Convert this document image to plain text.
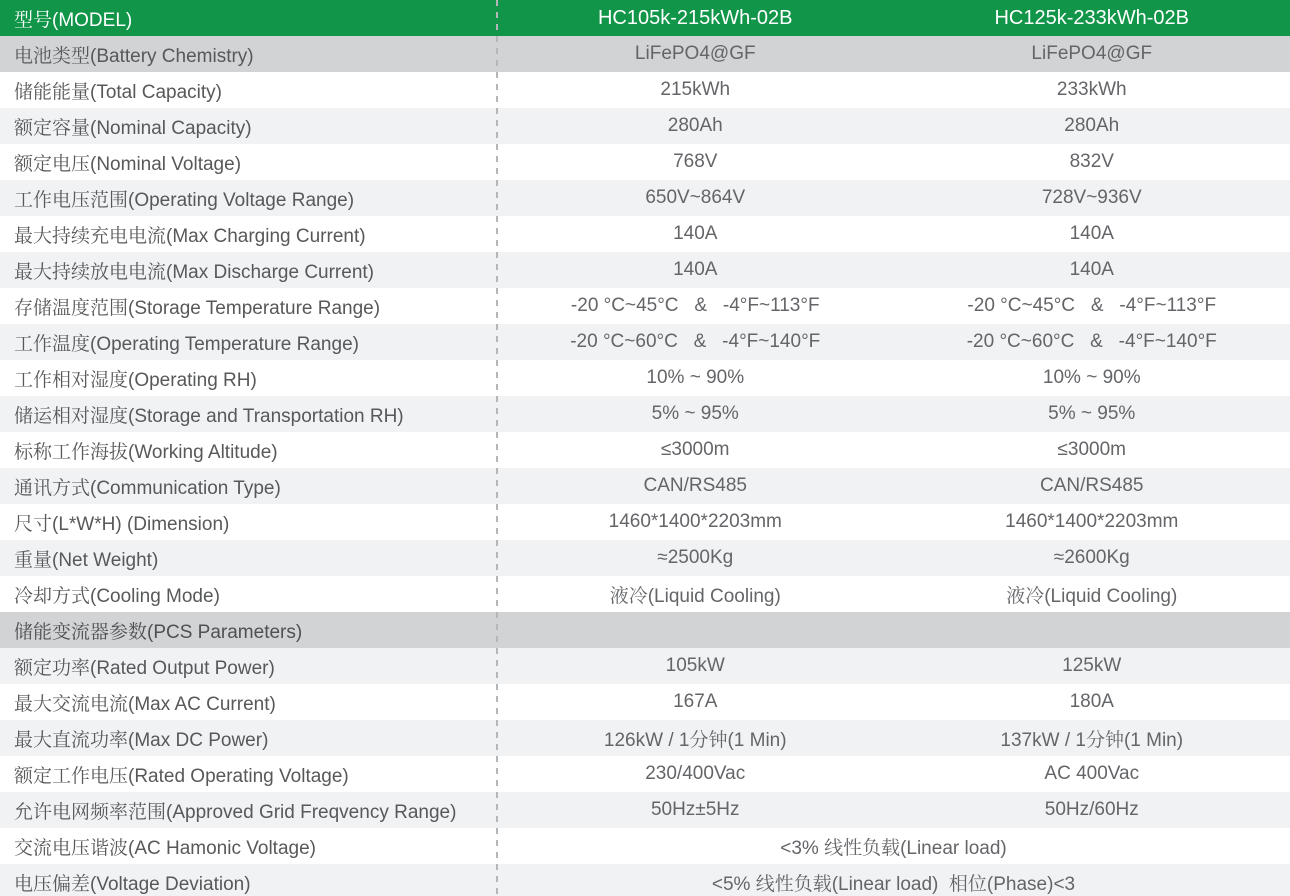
型号(MODEL)	HC105k-215kWh-02B	HC125k-233kWh-02B
电池类型(Battery Chemistry)	LiFePO4@GF	LiFePO4@GF
储能能量(Total Capacity)	215kWh	233kWh
额定容量(Nominal Capacity)	280Ah	280Ah
额定电压(Nominal Voltage)	768V	832V
工作电压范围(Operating Voltage Range)	650V~864V	728V~936V
最大持续充电电流(Max Charging Current)	140A	140A
最大持续放电电流(Max Discharge Current)	140A	140A
存储温度范围(Storage Temperature Range)	-20 °C~45°C   &   -4°F~113°F	-20 °C~45°C   &   -4°F~113°F
工作温度(Operating Temperature Range)	-20 °C~60°C   &   -4°F~140°F	-20 °C~60°C   &   -4°F~140°F
工作相对湿度(Operating RH)	10% ~ 90%	10% ~ 90%
储运相对湿度(Storage and Transportation RH)	5% ~ 95%	5% ~ 95%
标称工作海拔(Working Altitude)	≤3000m	≤3000m
通讯方式(Communication Type)	CAN/RS485	CAN/RS485
尺寸(L*W*H) (Dimension)	1460*1400*2203mm	1460*1400*2203mm
重量(Net Weight)	≈2500Kg	≈2600Kg
冷却方式(Cooling Mode)	液冷(Liquid Cooling)	液冷(Liquid Cooling)
储能变流器参数(PCS Parameters)
额定功率(Rated Output Power)	105kW	125kW
最大交流电流(Max AC Current)	167A	180A
最大直流功率(Max DC Power)	126kW / 1分钟(1 Min)	137kW / 1分钟(1 Min)
额定工作电压(Rated Operating Voltage)	230/400Vac	AC 400Vac
允许电网频率范围(Approved Grid Freqvency Range)	50Hz±5Hz	50Hz/60Hz
交流电压谐波(AC Hamonic Voltage)	<3% 线性负载(Linear load)
电压偏差(Voltage Deviation)	<5% 线性负载(Linear load)  相位(Phase)<3
